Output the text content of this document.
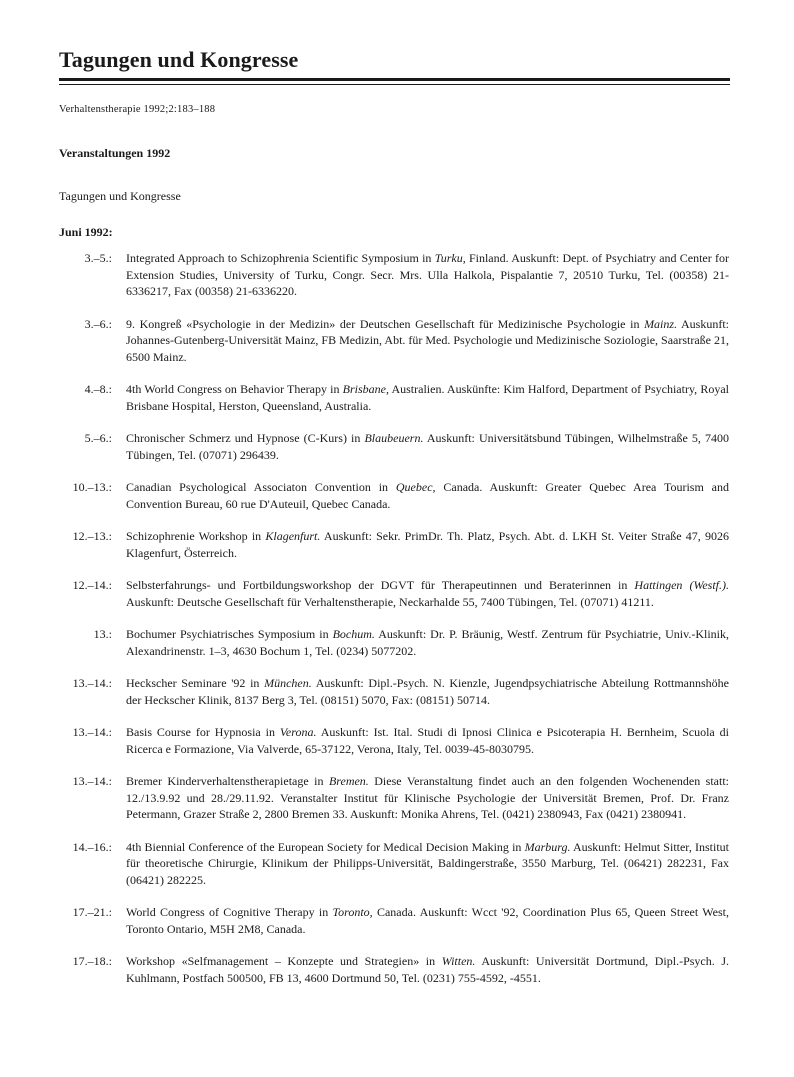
Tagungen und Kongresse
Verhaltenstherapie 1992;2:183–188
Veranstaltungen 1992
Tagungen und Kongresse
Juni 1992:
3.–5.: Integrated Approach to Schizophrenia Scientific Symposium in Turku, Finland. Auskunft: Dept. of Psychiatry and Center for Extension Studies, University of Turku, Congr. Secr. Mrs. Ulla Halkola, Pispalantie 7, 20510 Turku, Tel. (00358) 21-6336217, Fax (00358) 21-6336220.
3.–6.: 9. Kongreß «Psychologie in der Medizin» der Deutschen Gesellschaft für Medizinische Psychologie in Mainz. Auskunft: Johannes-Gutenberg-Universität Mainz, FB Medizin, Abt. für Med. Psychologie und Medizinische Soziologie, Saarstraße 21, 6500 Mainz.
4.–8.: 4th World Congress on Behavior Therapy in Brisbane, Australien. Auskünfte: Kim Halford, Department of Psychiatry, Royal Brisbane Hospital, Herston, Queensland, Australia.
5.–6.: Chronischer Schmerz und Hypnose (C-Kurs) in Blaubeuern. Auskunft: Universitätsbund Tübingen, Wilhelmstraße 5, 7400 Tübingen, Tel. (07071) 296439.
10.–13.: Canadian Psychological Associaton Convention in Quebec, Canada. Auskunft: Greater Quebec Area Tourism and Convention Bureau, 60 rue D'Auteuil, Quebec Canada.
12.–13.: Schizophrenie Workshop in Klagenfurt. Auskunft: Sekr. PrimDr. Th. Platz, Psych. Abt. d. LKH St. Veiter Straße 47, 9026 Klagenfurt, Österreich.
12.–14.: Selbsterfahrungs- und Fortbildungsworkshop der DGVT für Therapeutinnen und Beraterinnen in Hattingen (Westf.). Auskunft: Deutsche Gesellschaft für Verhaltenstherapie, Neckarhalde 55, 7400 Tübingen, Tel. (07071) 41211.
13.: Bochumer Psychiatrisches Symposium in Bochum. Auskunft: Dr. P. Bräunig, Westf. Zentrum für Psychiatrie, Univ.-Klinik, Alexandrinenstr. 1–3, 4630 Bochum 1, Tel. (0234) 5077202.
13.–14.: Heckscher Seminare '92 in München. Auskunft: Dipl.-Psych. N. Kienzle, Jugendpsychiatrische Abteilung Rottmannshöhe der Heckscher Klinik, 8137 Berg 3, Tel. (08151) 5070, Fax: (08151) 50714.
13.–14.: Basis Course for Hypnosia in Verona. Auskunft: Ist. Ital. Studi di Ipnosi Clinica e Psicoterapia H. Bernheim, Scuola di Ricerca e Formazione, Via Valverde, 65-37122, Verona, Italy, Tel. 0039-45-8030795.
13.–14.: Bremer Kinderverhaltenstherapietage in Bremen. Diese Veranstaltung findet auch an den folgenden Wochenenden statt: 12./13.9.92 und 28./29.11.92. Veranstalter Institut für Klinische Psychologie der Universität Bremen, Prof. Dr. Franz Petermann, Grazer Straße 2, 2800 Bremen 33. Auskunft: Monika Ahrens, Tel. (0421) 2380943, Fax (0421) 2380941.
14.–16.: 4th Biennial Conference of the European Society for Medical Decision Making in Marburg. Auskunft: Helmut Sitter, Institut für theoretische Chirurgie, Klinikum der Philipps-Universität, Baldingerstraße, 3550 Marburg, Tel. (06421) 282231, Fax (06421) 282225.
17.–21.: World Congress of Cognitive Therapy in Toronto, Canada. Auskunft: Wcct '92, Coordination Plus 65, Queen Street West, Toronto Ontario, M5H 2M8, Canada.
17.–18.: Workshop «Selfmanagement – Konzepte und Strategien» in Witten. Auskunft: Universität Dortmund, Dipl.-Psych. J. Kuhlmann, Postfach 500500, FB 13, 4600 Dortmund 50, Tel. (0231) 755-4592, -4551.
